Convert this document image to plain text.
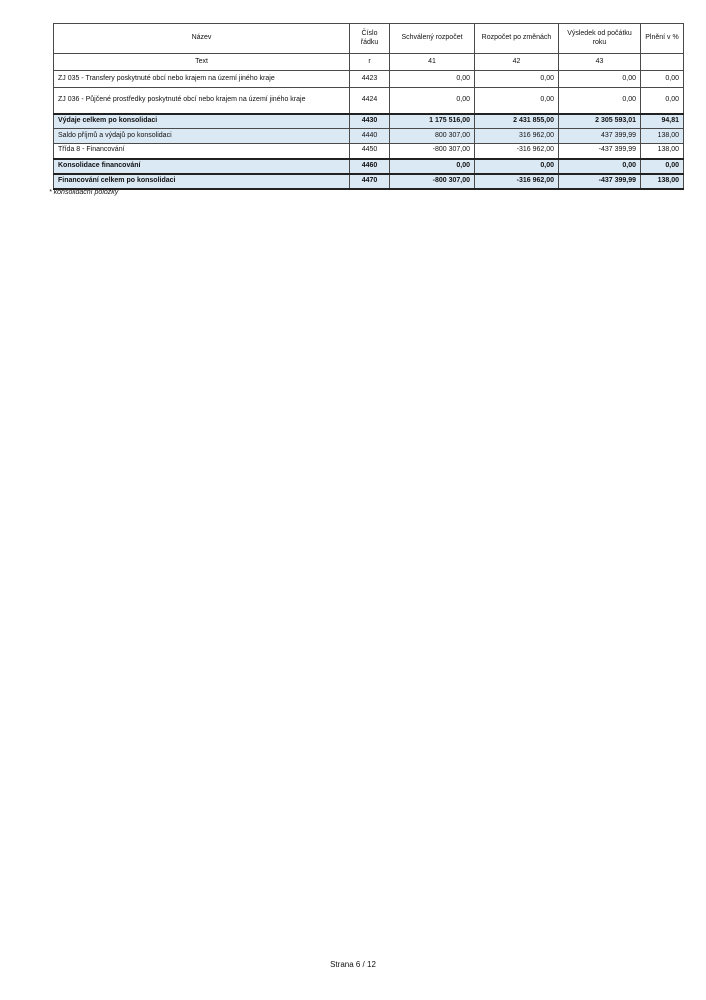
Název	Číslo řádku	Schválený rozpočet	Rozpočet po změnách	Výsledek od počátku roku	Plnění v %
Text	r	41	42	43	
ZJ 035 - Transfery poskytnuté obcí nebo krajem na území jiného kraje	4423	0,00	0,00	0,00	0,00
ZJ 036 - Půjčené prostředky poskytnuté obcí nebo krajem na území jiného kraje	4424	0,00	0,00	0,00	0,00
Výdaje celkem po konsolidaci	4430	1 175 516,00	2 431 855,00	2 305 593,01	94,81
Saldo příjmů a výdajů po konsolidaci	4440	800 307,00	316 962,00	437 399,99	138,00
Třída 8 - Financování	4450	-800 307,00	-316 962,00	-437 399,99	138,00
Konsolidace financování	4460	0,00	0,00	0,00	0,00
Financování celkem po konsolidaci	4470	-800 307,00	-316 962,00	-437 399,99	138,00
* konsolidační položky
Strana 6 / 12
